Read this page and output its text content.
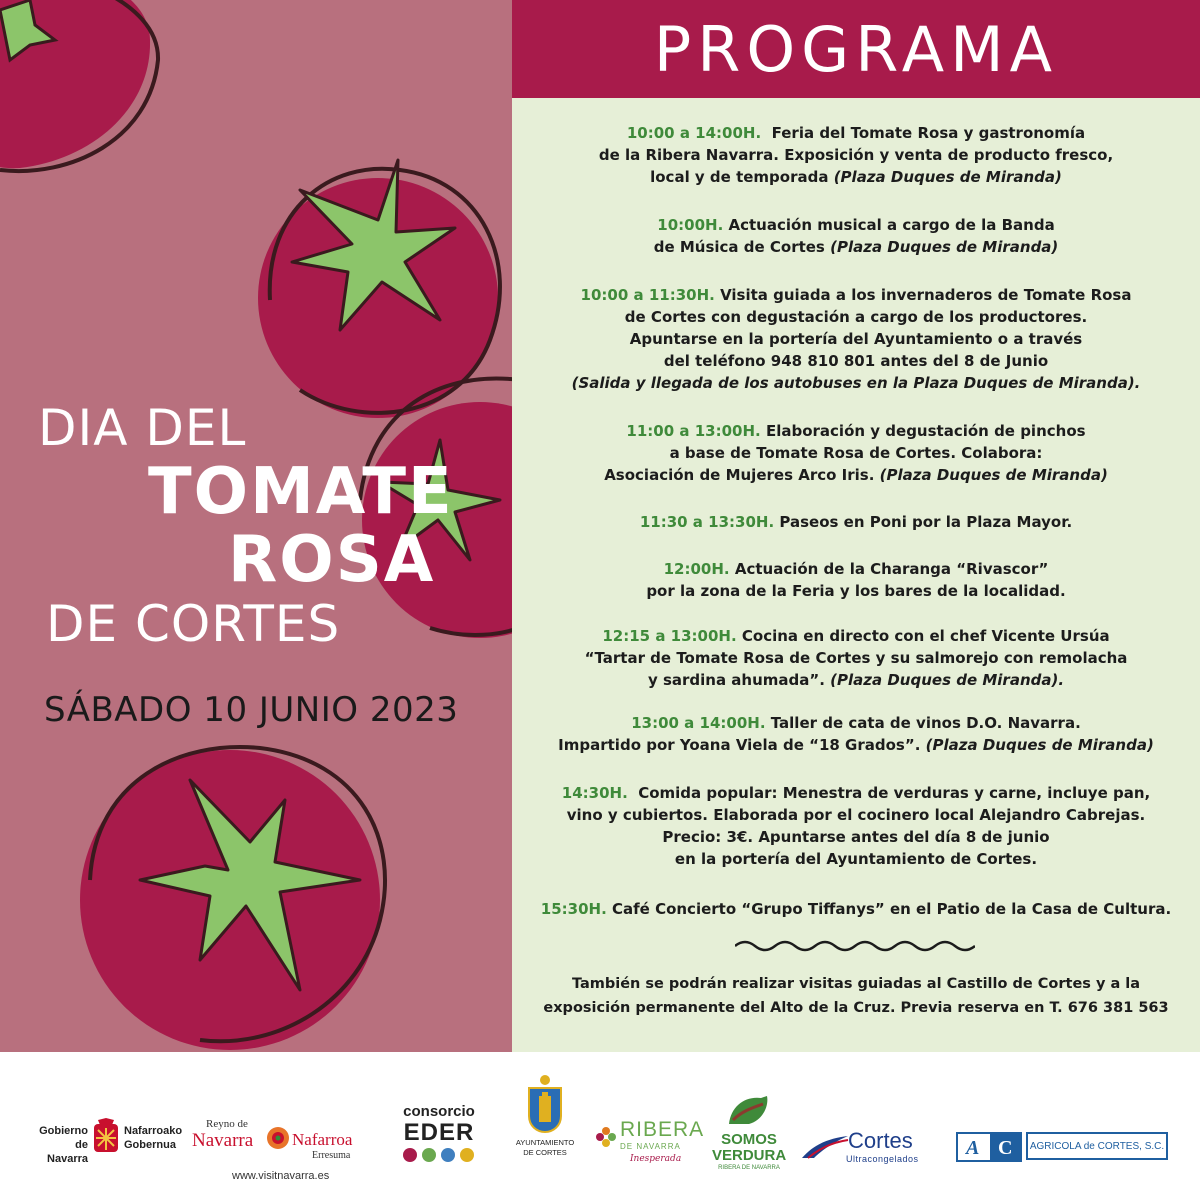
DIA DEL

TOMATE

ROSA

DE CORTES

SÁBADO 10 JUNIO 2023
PROGRAMA

10:00 a 14:00H. Feria del Tomate Rosa y gastronomía

de la Ribera Navarra. Exposición y venta de producto fresco,

local y de temporada (Plaza Duques de Miranda)

10:00H. Actuación musical a cargo de la Banda

de Música de Cortes (Plaza Duques de Miranda)

10:00 a 11:30H. Visita guiada a los invernaderos de Tomate Rosa

de Cortes con degustación a cargo de los productores.

Apuntarse en la portería del Ayuntamiento o a través

del teléfono 948 810 801 antes del 8 de Junio

(Salida y llegada de los autobuses en la Plaza Duques de Miranda).

11:00 a 13:00H. Elaboración y degustación de pinchos

a base de Tomate Rosa de Cortes. Colabora:

Asociación de Mujeres Arco Iris. (Plaza Duques de Miranda)

11:30 a 13:30H. Paseos en Poni por la Plaza Mayor.

12:00H. Actuación de la Charanga “Rivascor”

por la zona de la Feria y los bares de la localidad.

12:15 a 13:00H. Cocina en directo con el chef Vicente Ursúa

“Tartar de Tomate Rosa de Cortes y su salmorejo con remolacha

y sardina ahumada”. (Plaza Duques de Miranda).

13:00 a 14:00H. Taller de cata de vinos D.O. Navarra.

Impartido por Yoana Viela de “18 Grados”. (Plaza Duques de Miranda)

14:30H. Comida popular: Menestra de verduras y carne, incluye pan,

vino y cubiertos. Elaborada por el cocinero local Alejandro Cabrejas.

Precio: 3€. Apuntarse antes del día 8 de junio

en la portería del Ayuntamiento de Cortes.

15:30H. Café Concierto “Grupo Tiffanys” en el Patio de la Casa de Cultura.

También se podrán realizar visitas guiadas al Castillo de Cortes y a la

exposición permanente del Alto de la Cruz. Previa reserva en T. 676 381 563

Gobierno
de Navarra
Nafarroako
Gobernua
Reyno de
Navarra Nafarroa
Erresuma
www.visitnavarra.es
consorcio
EDER	AYUNTAMIENTO
DE CORTES
RIBERA
DE NAVARRA
Inesperada
SOMOS
VERDURA
RIBERA DE NAVARRA
Cortes
Ultracongelados A C AGRICOLA de CORTES, S.C.
